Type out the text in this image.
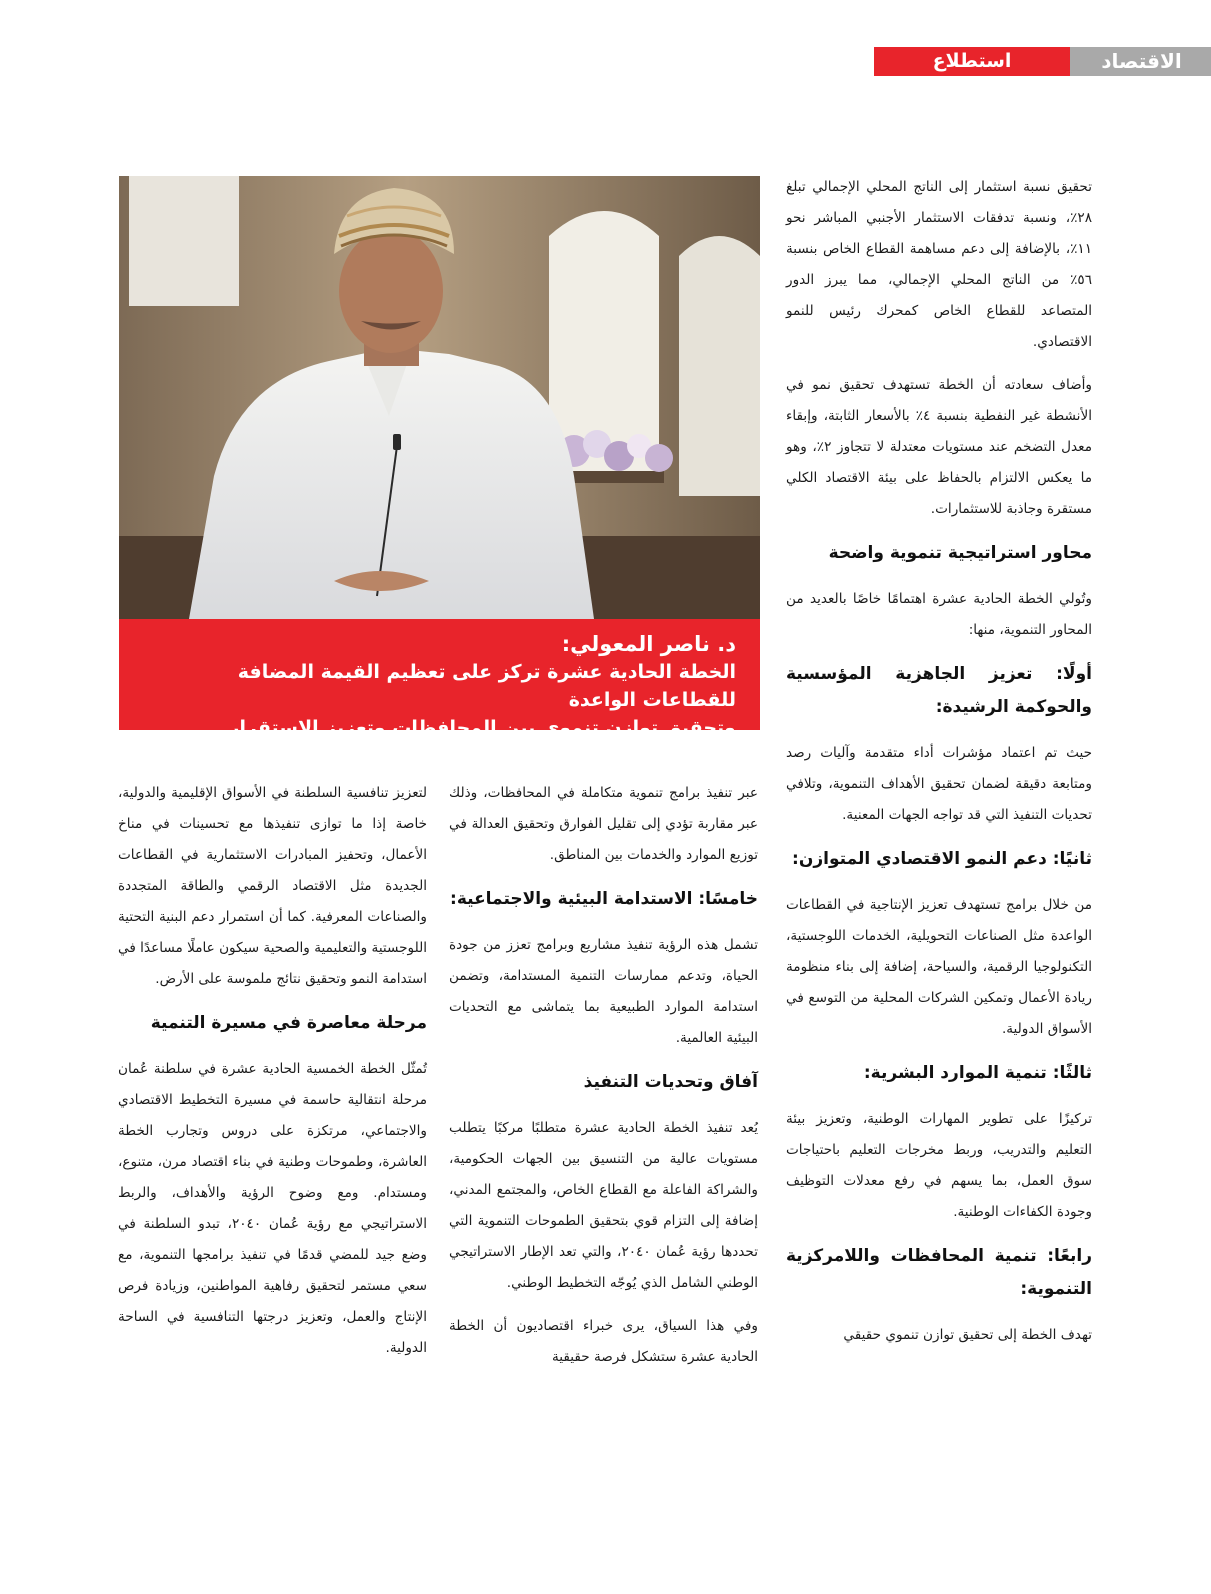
الاقتصاد
استطلاع

تحقيق نسبة استثمار إلى الناتج المحلي الإجمالي تبلغ ٢٨٪، ونسبة تدفقات الاستثمار الأجنبي المباشر نحو ١١٪، بالإضافة إلى دعم مساهمة القطاع الخاص بنسبة ٥٦٪ من الناتج المحلي الإجمالي، مما يبرز الدور المتصاعد للقطاع الخاص كمحرك رئيس للنمو الاقتصادي.

وأضاف سعادته أن الخطة تستهدف تحقيق نمو في الأنشطة غير النفطية بنسبة ٤٪ بالأسعار الثابتة، وإبقاء معدل التضخم عند مستويات معتدلة لا تتجاوز ٢٪، وهو ما يعكس الالتزام بالحفاظ على بيئة الاقتصاد الكلي مستقرة وجاذبة للاستثمارات.

محاور استراتيجية تنموية واضحة

وتُولي الخطة الحادية عشرة اهتمامًا خاصًا بالعديد من المحاور التنموية، منها:

أولًا: تعزيز الجاهزية المؤسسية والحوكمة الرشيدة:

حيث تم اعتماد مؤشرات أداء متقدمة وآليات رصد ومتابعة دقيقة لضمان تحقيق الأهداف التنموية، وتلافي تحديات التنفيذ التي قد تواجه الجهات المعنية.

ثانيًا: دعم النمو الاقتصادي المتوازن:

من خلال برامج تستهدف تعزيز الإنتاجية في القطاعات الواعدة مثل الصناعات التحويلية، الخدمات اللوجستية، التكنولوجيا الرقمية، والسياحة، إضافة إلى بناء منظومة ريادة الأعمال وتمكين الشركات المحلية من التوسع في الأسواق الدولية.

ثالثًا: تنمية الموارد البشرية:

تركيزًا على تطوير المهارات الوطنية، وتعزيز بيئة التعليم والتدريب، وربط مخرجات التعليم باحتياجات سوق العمل، بما يسهم في رفع معدلات التوظيف وجودة الكفاءات الوطنية.

رابعًا: تنمية المحافظات واللامركزية التنموية:

تهدف الخطة إلى تحقيق توازن تنموي حقيقي

د. ناصر المعولي:
الخطة الحادية عشرة تركز على تعظيم القيمة المضافة للقطاعات الواعدة
وتحقيق توازن تنموي بين المحافظات وتعزيز الاستقرار الاقتصادي

عبر تنفيذ برامج تنموية متكاملة في المحافظات، وذلك عبر مقاربة تؤدي إلى تقليل الفوارق وتحقيق العدالة في توزيع الموارد والخدمات بين المناطق.

خامسًا: الاستدامة البيئية والاجتماعية:

تشمل هذه الرؤية تنفيذ مشاريع وبرامج تعزز من جودة الحياة، وتدعم ممارسات التنمية المستدامة، وتضمن استدامة الموارد الطبيعية بما يتماشى مع التحديات البيئية العالمية.

آفاق وتحديات التنفيذ

يُعد تنفيذ الخطة الحادية عشرة متطلبًا مركبًا يتطلب مستويات عالية من التنسيق بين الجهات الحكومية، والشراكة الفاعلة مع القطاع الخاص، والمجتمع المدني، إضافة إلى التزام قوي بتحقيق الطموحات التنموية التي تحددها رؤية عُمان ٢٠٤٠، والتي تعد الإطار الاستراتيجي الوطني الشامل الذي يُوجّه التخطيط الوطني.

وفي هذا السياق، يرى خبراء اقتصاديون أن الخطة الحادية عشرة ستشكل فرصة حقيقية

لتعزيز تنافسية السلطنة في الأسواق الإقليمية والدولية، خاصة إذا ما توازى تنفيذها مع تحسينات في مناخ الأعمال، وتحفيز المبادرات الاستثمارية في القطاعات الجديدة مثل الاقتصاد الرقمي والطاقة المتجددة والصناعات المعرفية. كما أن استمرار دعم البنية التحتية اللوجستية والتعليمية والصحية سيكون عاملًا مساعدًا في استدامة النمو وتحقيق نتائج ملموسة على الأرض.

مرحلة معاصرة في مسيرة التنمية

تُمثّل الخطة الخمسية الحادية عشرة في سلطنة عُمان مرحلة انتقالية حاسمة في مسيرة التخطيط الاقتصادي والاجتماعي، مرتكزة على دروس وتجارب الخطة العاشرة، وطموحات وطنية في بناء اقتصاد مرن، متنوع، ومستدام. ومع وضوح الرؤية والأهداف، والربط الاستراتيجي مع رؤية عُمان ٢٠٤٠، تبدو السلطنة في وضع جيد للمضي قدمًا في تنفيذ برامجها التنموية، مع سعي مستمر لتحقيق رفاهية المواطنين، وزيادة فرص الإنتاج والعمل، وتعزيز درجتها التنافسية في الساحة الدولية.
